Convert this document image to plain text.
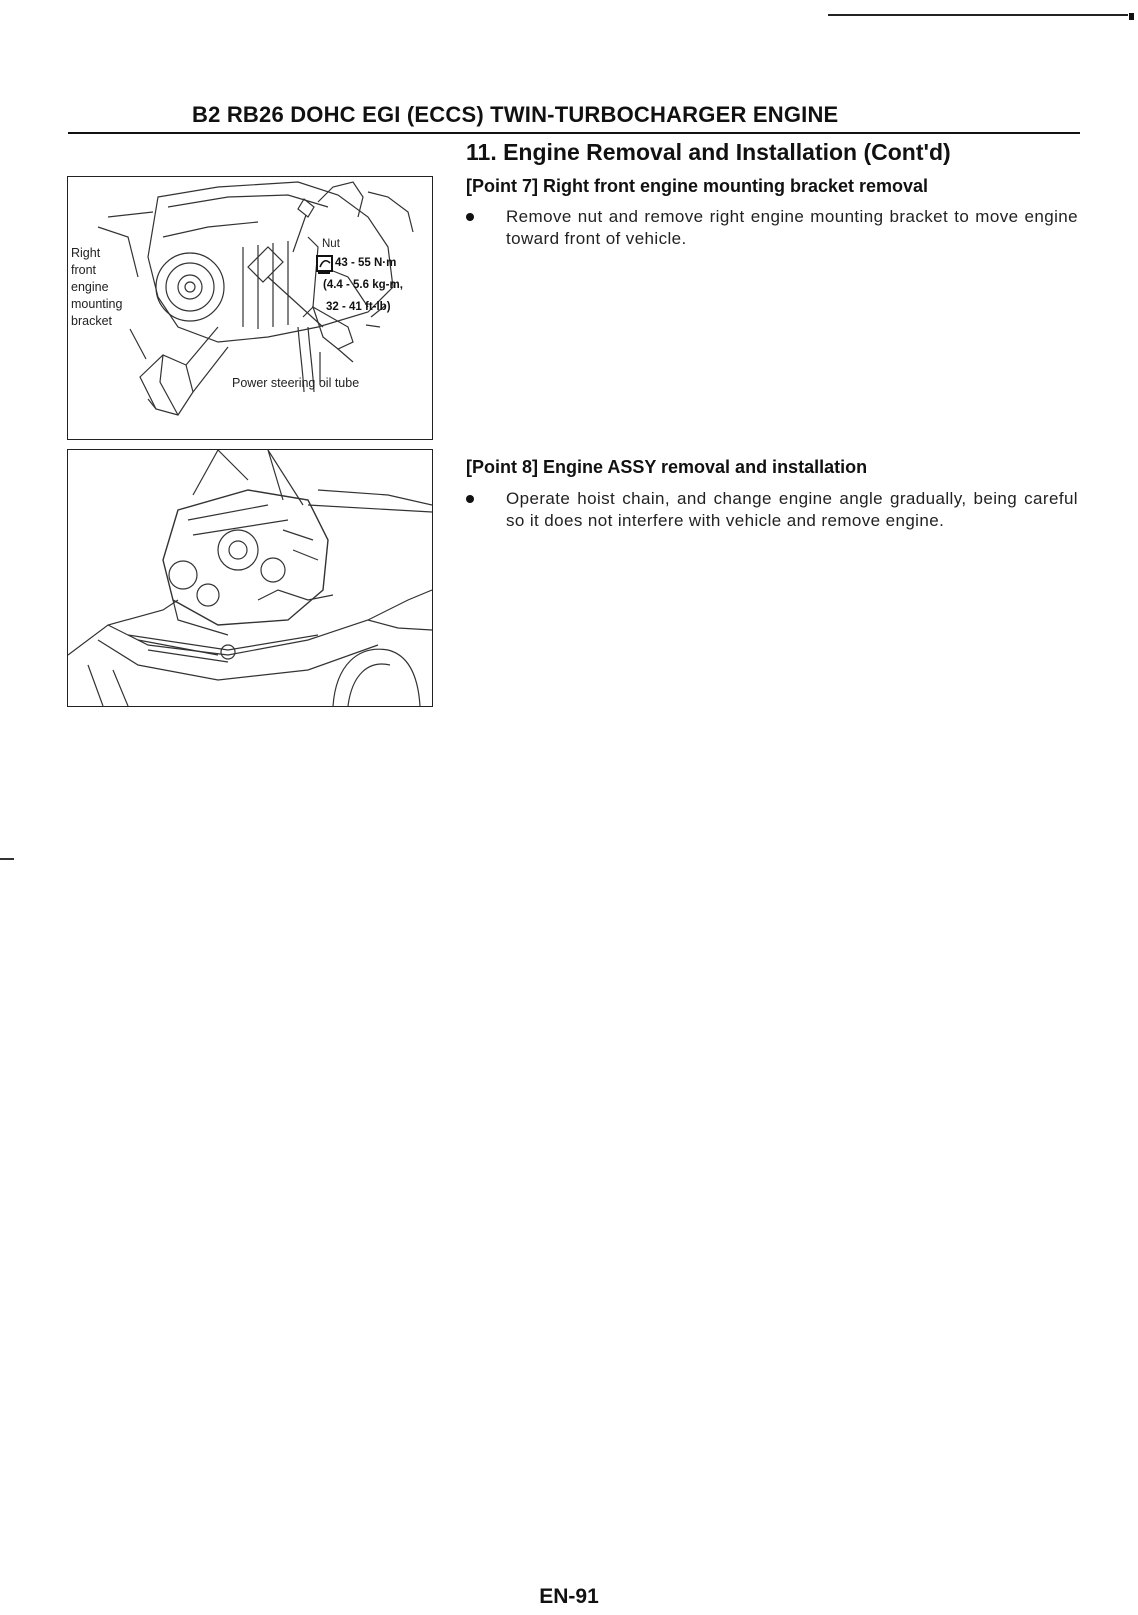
B2 RB26 DOHC EGI (ECCS) TWIN-TURBOCHARGER ENGINE
11. Engine Removal and Installation (Cont'd)
Right
front
engine
mounting
bracket
Nut
43 - 55 N·m
(4.4 - 5.6 kg-m,
32 - 41 ft-lb)
Power steering oil tube
[Point 7] Right front engine mounting bracket removal
Remove nut and remove right engine mounting bracket to move engine toward front of vehicle.
[Point 8] Engine ASSY removal and installation
Operate hoist chain, and change engine angle gradually, being careful so it does not interfere with vehicle and remove engine.
EN-91
